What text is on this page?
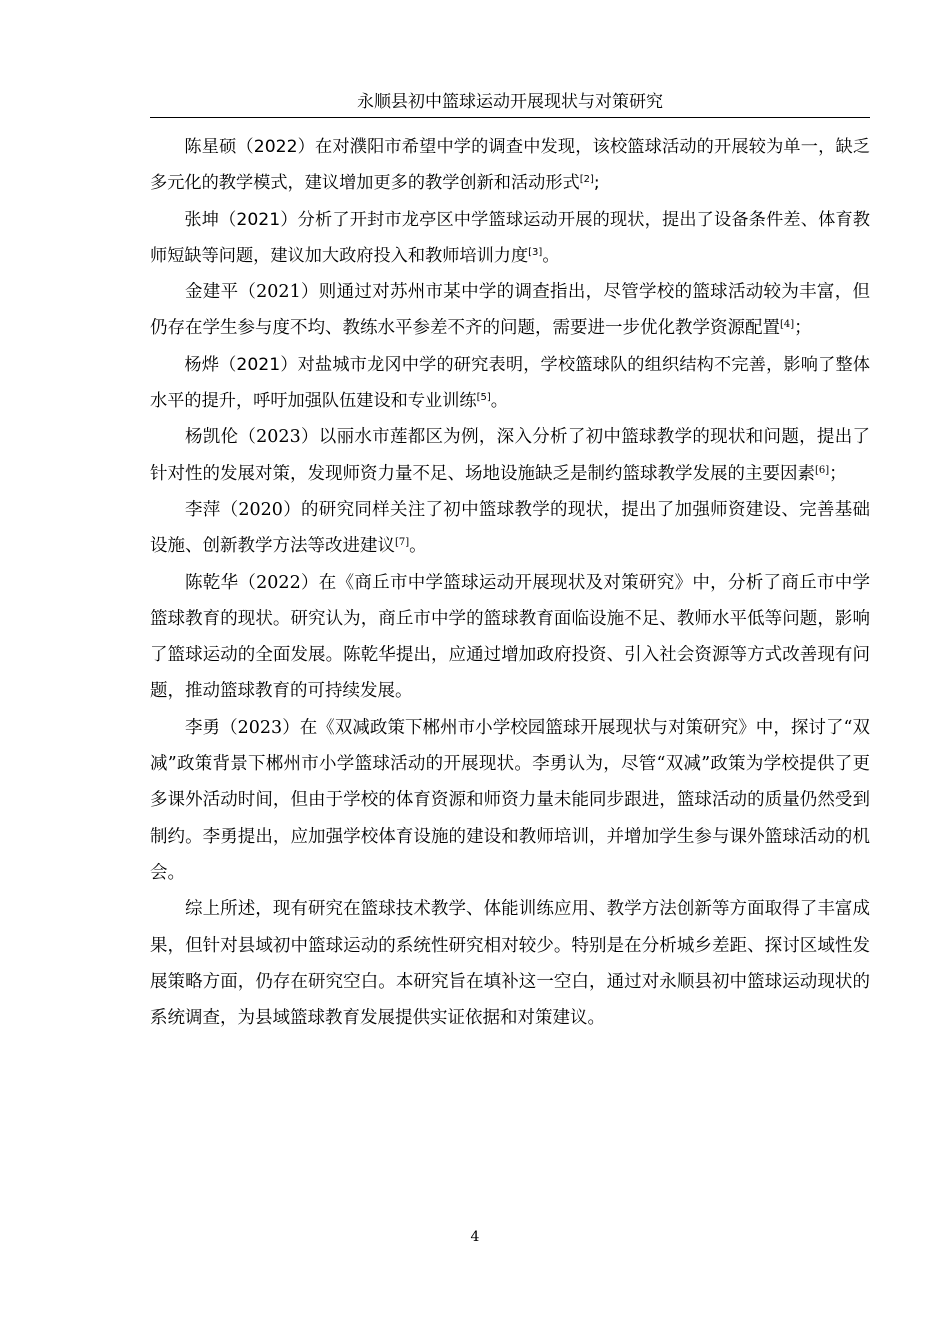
永顺县初中篮球运动开展现状与对策研究

陈星硕（2022）在对濮阳市希望中学的调查中发现，该校篮球活动的开展较为单一，缺乏多元化的教学模式，建议增加更多的教学创新和活动形式[2];

张坤（2021）分析了开封市龙亭区中学篮球运动开展的现状，提出了设备条件差、体育教师短缺等问题，建议加大政府投入和教师培训力度[3]。

金建平（2021）则通过对苏州市某中学的调查指出，尽管学校的篮球活动较为丰富，但仍存在学生参与度不均、教练水平参差不齐的问题，需要进一步优化教学资源配置[4]；

杨烨（2021）对盐城市龙冈中学的研究表明，学校篮球队的组织结构不完善，影响了整体水平的提升，呼吁加强队伍建设和专业训练[5]。

杨凯伦（2023）以丽水市莲都区为例，深入分析了初中篮球教学的现状和问题，提出了针对性的发展对策，发现师资力量不足、场地设施缺乏是制约篮球教学发展的主要因素[6]；

李萍（2020）的研究同样关注了初中篮球教学的现状，提出了加强师资建设、完善基础设施、创新教学方法等改进建议[7]。

陈乾华（2022）在《商丘市中学篮球运动开展现状及对策研究》中，分析了商丘市中学篮球教育的现状。研究认为，商丘市中学的篮球教育面临设施不足、教师水平低等问题，影响了篮球运动的全面发展。陈乾华提出，应通过增加政府投资、引入社会资源等方式改善现有问题，推动篮球教育的可持续发展。

李勇（2023）在《双减政策下郴州市小学校园篮球开展现状与对策研究》中，探讨了“双减”政策背景下郴州市小学篮球活动的开展现状。李勇认为，尽管“双减”政策为学校提供了更多课外活动时间，但由于学校的体育资源和师资力量未能同步跟进，篮球活动的质量仍然受到制约。李勇提出，应加强学校体育设施的建设和教师培训，并增加学生参与课外篮球活动的机会。

综上所述，现有研究在篮球技术教学、体能训练应用、教学方法创新等方面取得了丰富成果，但针对县域初中篮球运动的系统性研究相对较少。特别是在分析城乡差距、探讨区域性发展策略方面，仍存在研究空白。本研究旨在填补这一空白，通过对永顺县初中篮球运动现状的系统调查，为县域篮球教育发展提供实证依据和对策建议。

4
